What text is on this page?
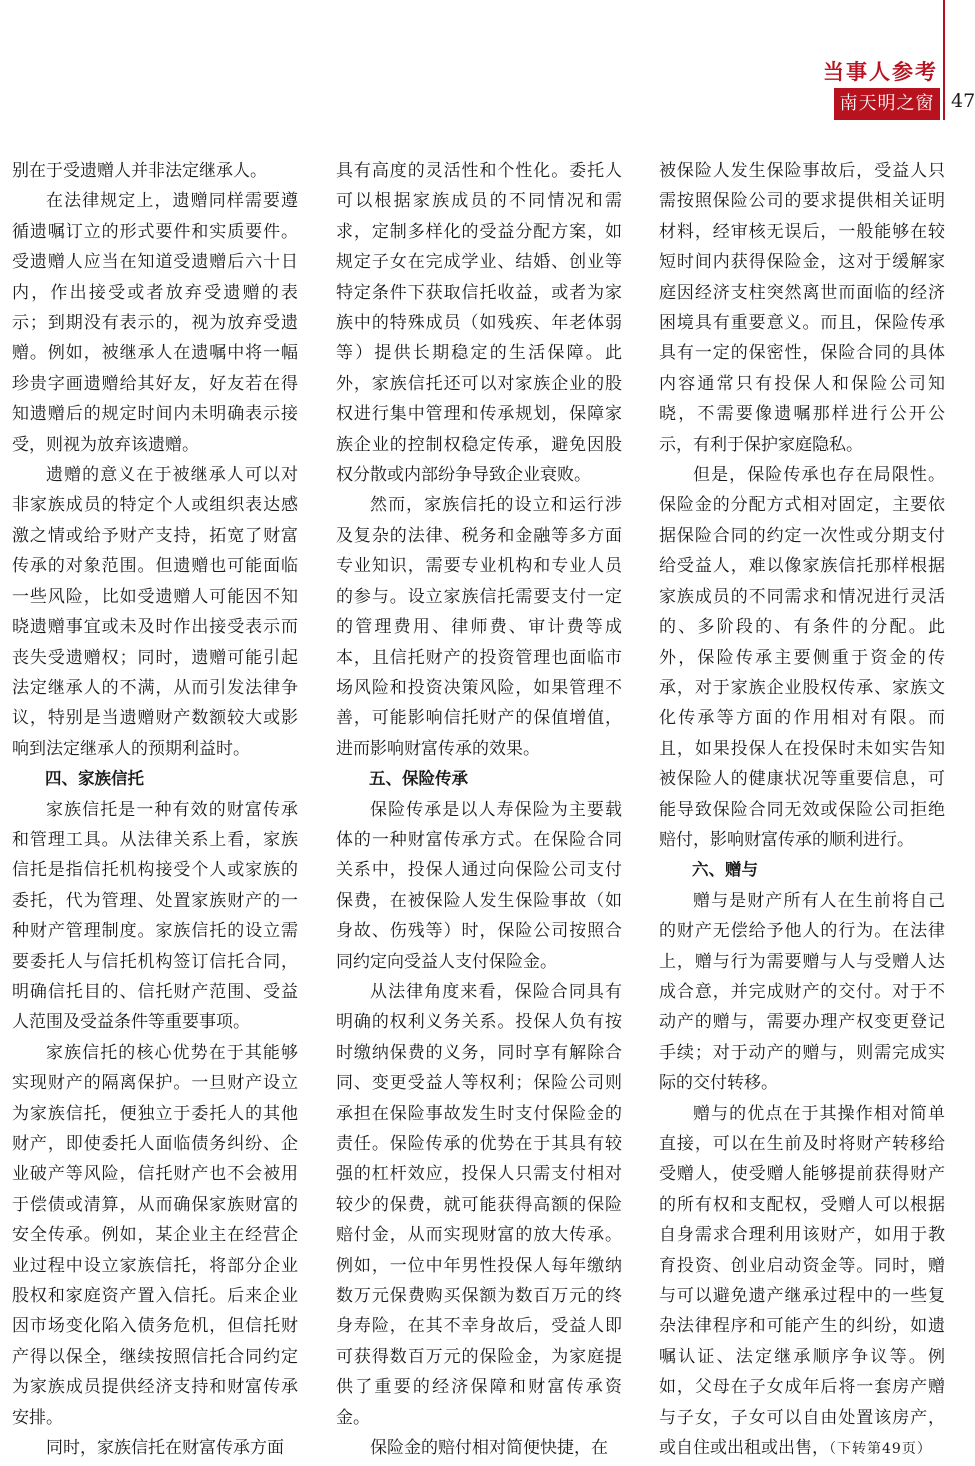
当事人参考
南天明之窗 47

别在于受遗赠人并非法定继承人。

在法律规定上，遗赠同样需要遵循遗嘱订立的形式要件和实质要件。受遗赠人应当在知道受遗赠后六十日内，作出接受或者放弃受遗赠的表示；到期没有表示的，视为放弃受遗赠。例如，被继承人在遗嘱中将一幅珍贵字画遗赠给其好友，好友若在得知遗赠后的规定时间内未明确表示接受，则视为放弃该遗赠。

遗赠的意义在于被继承人可以对非家族成员的特定个人或组织表达感激之情或给予财产支持，拓宽了财富传承的对象范围。但遗赠也可能面临一些风险，比如受遗赠人可能因不知晓遗赠事宜或未及时作出接受表示而丧失受遗赠权；同时，遗赠可能引起法定继承人的不满，从而引发法律争议，特别是当遗赠财产数额较大或影响到法定继承人的预期利益时。

四、家族信托

家族信托是一种有效的财富传承和管理工具。从法律关系上看，家族信托是指信托机构接受个人或家族的委托，代为管理、处置家族财产的一种财产管理制度。家族信托的设立需要委托人与信托机构签订信托合同，明确信托目的、信托财产范围、受益人范围及受益条件等重要事项。

家族信托的核心优势在于其能够实现财产的隔离保护。一旦财产设立为家族信托，便独立于委托人的其他财产，即使委托人面临债务纠纷、企业破产等风险，信托财产也不会被用于偿债或清算，从而确保家族财富的安全传承。例如，某企业主在经营企业过程中设立家族信托，将部分企业股权和家庭资产置入信托。后来企业因市场变化陷入债务危机，但信托财产得以保全，继续按照信托合同约定为家族成员提供经济支持和财富传承安排。

同时，家族信托在财富传承方面

具有高度的灵活性和个性化。委托人可以根据家族成员的不同情况和需求，定制多样化的受益分配方案，如规定子女在完成学业、结婚、创业等特定条件下获取信托收益，或者为家族中的特殊成员（如残疾、年老体弱等）提供长期稳定的生活保障。此外，家族信托还可以对家族企业的股权进行集中管理和传承规划，保障家族企业的控制权稳定传承，避免因股权分散或内部纷争导致企业衰败。

然而，家族信托的设立和运行涉及复杂的法律、税务和金融等多方面专业知识，需要专业机构和专业人员的参与。设立家族信托需要支付一定的管理费用、律师费、审计费等成本，且信托财产的投资管理也面临市场风险和投资决策风险，如果管理不善，可能影响信托财产的保值增值，进而影响财富传承的效果。

五、保险传承

保险传承是以人寿保险为主要载体的一种财富传承方式。在保险合同关系中，投保人通过向保险公司支付保费，在被保险人发生保险事故（如身故、伤残等）时，保险公司按照合同约定向受益人支付保险金。

从法律角度来看，保险合同具有明确的权利义务关系。投保人负有按时缴纳保费的义务，同时享有解除合同、变更受益人等权利；保险公司则承担在保险事故发生时支付保险金的责任。保险传承的优势在于其具有较强的杠杆效应，投保人只需支付相对较少的保费，就可能获得高额的保险赔付金，从而实现财富的放大传承。例如，一位中年男性投保人每年缴纳数万元保费购买保额为数百万元的终身寿险，在其不幸身故后，受益人即可获得数百万元的保险金，为家庭提供了重要的经济保障和财富传承资金。

保险金的赔付相对简便快捷，在

被保险人发生保险事故后，受益人只需按照保险公司的要求提供相关证明材料，经审核无误后，一般能够在较短时间内获得保险金，这对于缓解家庭因经济支柱突然离世而面临的经济困境具有重要意义。而且，保险传承具有一定的保密性，保险合同的具体内容通常只有投保人和保险公司知晓，不需要像遗嘱那样进行公开公示，有利于保护家庭隐私。

但是，保险传承也存在局限性。保险金的分配方式相对固定，主要依据保险合同的约定一次性或分期支付给受益人，难以像家族信托那样根据家族成员的不同需求和情况进行灵活的、多阶段的、有条件的分配。此外，保险传承主要侧重于资金的传承，对于家族企业股权传承、家族文化传承等方面的作用相对有限。而且，如果投保人在投保时未如实告知被保险人的健康状况等重要信息，可能导致保险合同无效或保险公司拒绝赔付，影响财富传承的顺利进行。

六、赠与

赠与是财产所有人在生前将自己的财产无偿给予他人的行为。在法律上，赠与行为需要赠与人与受赠人达成合意，并完成财产的交付。对于不动产的赠与，需要办理产权变更登记手续；对于动产的赠与，则需完成实际的交付转移。

赠与的优点在于其操作相对简单直接，可以在生前及时将财产转移给受赠人，使受赠人能够提前获得财产的所有权和支配权，受赠人可以根据自身需求合理利用该财产，如用于教育投资、创业启动资金等。同时，赠与可以避免遗产继承过程中的一些复杂法律程序和可能产生的纠纷，如遗嘱认证、法定继承顺序争议等。例如，父母在子女成年后将一套房产赠与子女，子女可以自由处置该房产，或自住或出租或出售，（下转第49页）
